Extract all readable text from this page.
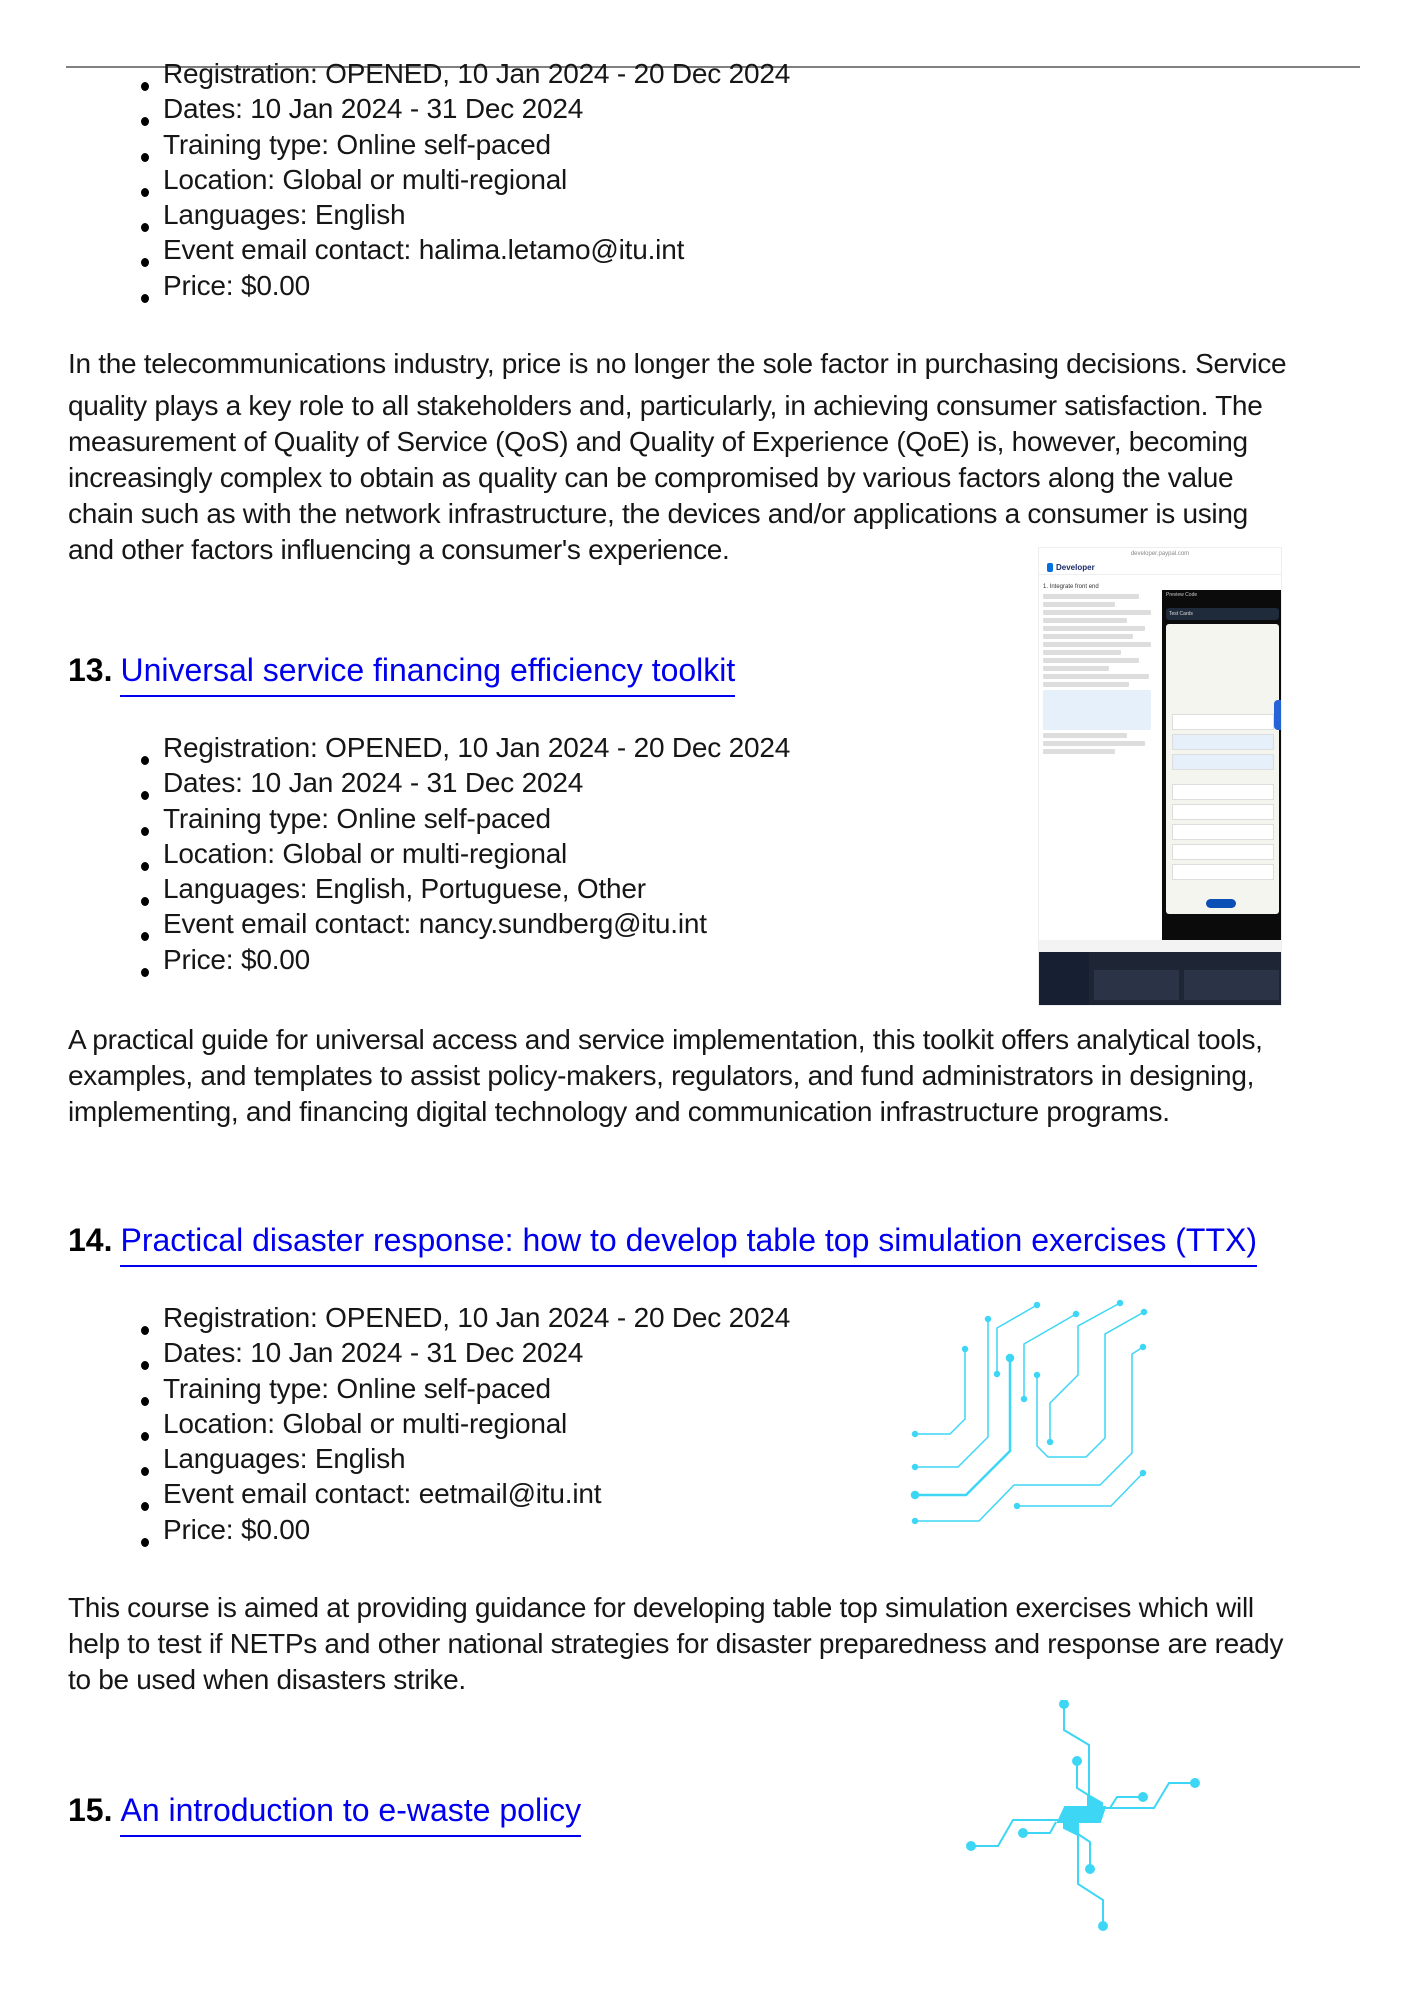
Registration: OPENED, 10 Jan 2024 - 20 Dec 2024
Dates: 10 Jan 2024 - 31 Dec 2024
Training type: Online self-paced
Location: Global or multi-regional
Languages: English
Event email contact: halima.letamo@itu.int
Price: $0.00
In the telecommunications industry, price is no longer the sole factor in purchasing decisions. Service
quality plays a key role to all stakeholders and, particularly, in achieving consumer satisfaction. The
measurement of Quality of Service (QoS) and Quality of Experience (QoE) is, however, becoming
increasingly complex to obtain as quality can be compromised by various factors along the value
chain such as with the network infrastructure, the devices and/or applications a consumer is using
and other factors influencing a consumer's experience.	developer.paypal.com
Developer
1. Integrate front end
Preview Code
Test Cards
13. Universal service financing efficiency toolkit
Registration: OPENED, 10 Jan 2024 - 20 Dec 2024
Dates: 10 Jan 2024 - 31 Dec 2024
Training type: Online self-paced
Location: Global or multi-regional
Languages: English, Portuguese, Other
Event email contact: nancy.sundberg@itu.int
Price: $0.00
A practical guide for universal access and service implementation, this toolkit offers analytical tools,
examples, and templates to assist policy-makers, regulators, and fund administrators in designing,
implementing, and financing digital technology and communication infrastructure programs.
14. Practical disaster response: how to develop table top simulation exercises (TTX)
Registration: OPENED, 10 Jan 2024 - 20 Dec 2024
Dates: 10 Jan 2024 - 31 Dec 2024
Training type: Online self-paced
Location: Global or multi-regional
Languages: English
Event email contact: eetmail@itu.int
Price: $0.00
This course is aimed at providing guidance for developing table top simulation exercises which will
help to test if NETPs and other national strategies for disaster preparedness and response are ready
to be used when disasters strike.
15. An introduction to e-waste policy
